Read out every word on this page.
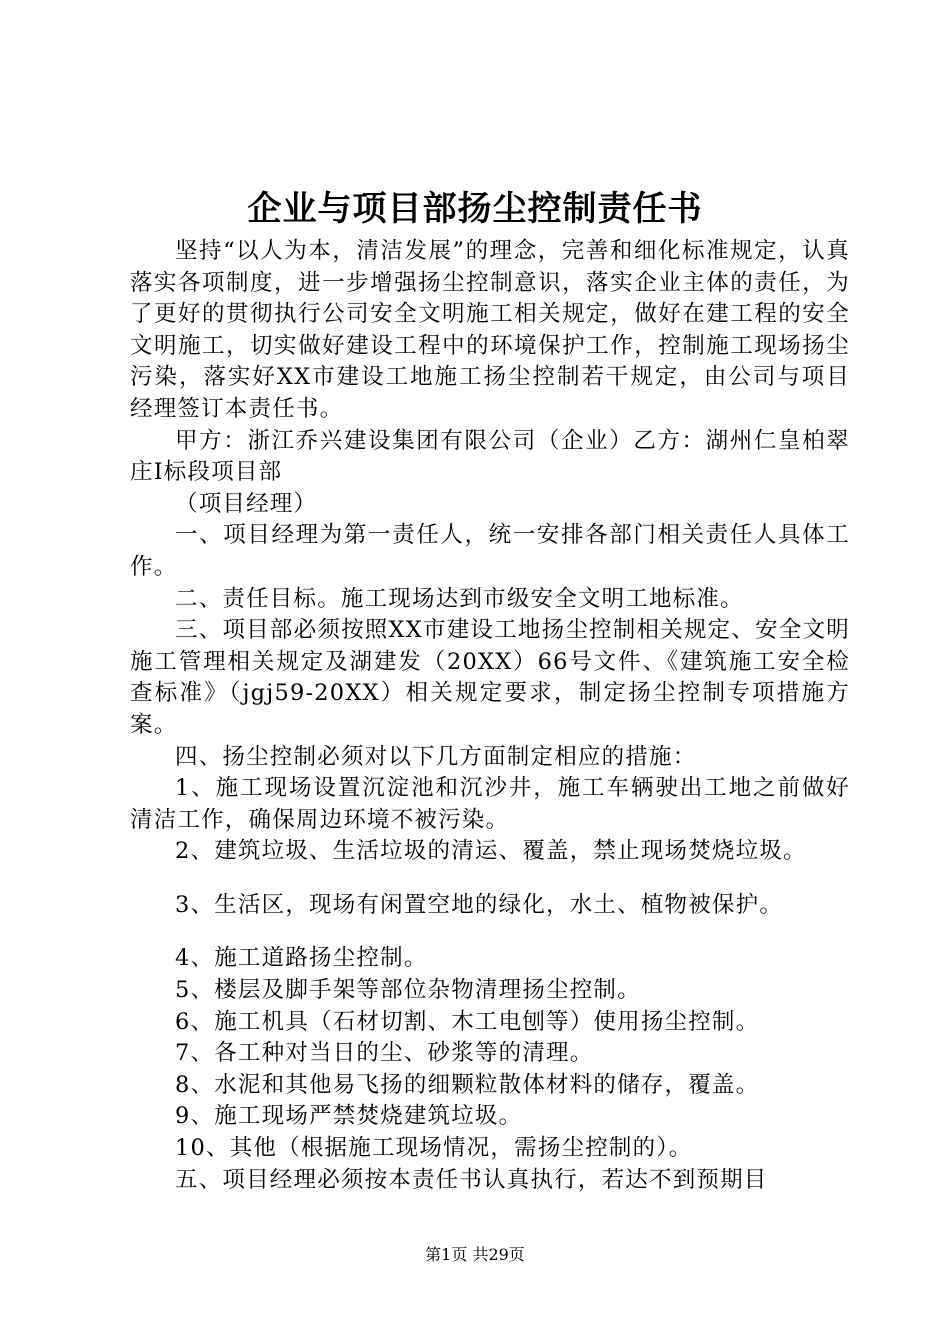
企业与项目部扬尘控制责任书

坚持“以人为本，清洁发展”的理念，完善和细化标准规定，认真落实各项制度，进一步增强扬尘控制意识，落实企业主体的责任，为了更好的贯彻执行公司安全文明施工相关规定，做好在建工程的安全文明施工，切实做好建设工程中的环境保护工作，控制施工现场扬尘污染，落实好XX市建设工地施工扬尘控制若干规定，由公司与项目经理签订本责任书。

甲方：浙江乔兴建设集团有限公司（企业）乙方：湖州仁皇柏翠庄Ⅰ标段项目部

（项目经理）

一、项目经理为第一责任人，统一安排各部门相关责任人具体工作。

二、责任目标。施工现场达到市级安全文明工地标准。

三、项目部必须按照XX市建设工地扬尘控制相关规定、安全文明施工管理相关规定及湖建发（20XX）66号文件、《建筑施工安全检查标准》（jgj59-20XX）相关规定要求，制定扬尘控制专项措施方案。

四、扬尘控制必须对以下几方面制定相应的措施：

1、施工现场设置沉淀池和沉沙井，施工车辆驶出工地之前做好清洁工作，确保周边环境不被污染。

2、建筑垃圾、生活垃圾的清运、覆盖，禁止现场焚烧垃圾。

3、生活区，现场有闲置空地的绿化，水土、植物被保护。

4、施工道路扬尘控制。

5、楼层及脚手架等部位杂物清理扬尘控制。

6、施工机具（石材切割、木工电刨等）使用扬尘控制。

7、各工种对当日的尘、砂浆等的清理。

8、水泥和其他易飞扬的细颗粒散体材料的储存，覆盖。

9、施工现场严禁焚烧建筑垃圾。

10、其他（根据施工现场情况，需扬尘控制的）。

五、项目经理必须按本责任书认真执行，若达不到预期目

第1页 共29页
